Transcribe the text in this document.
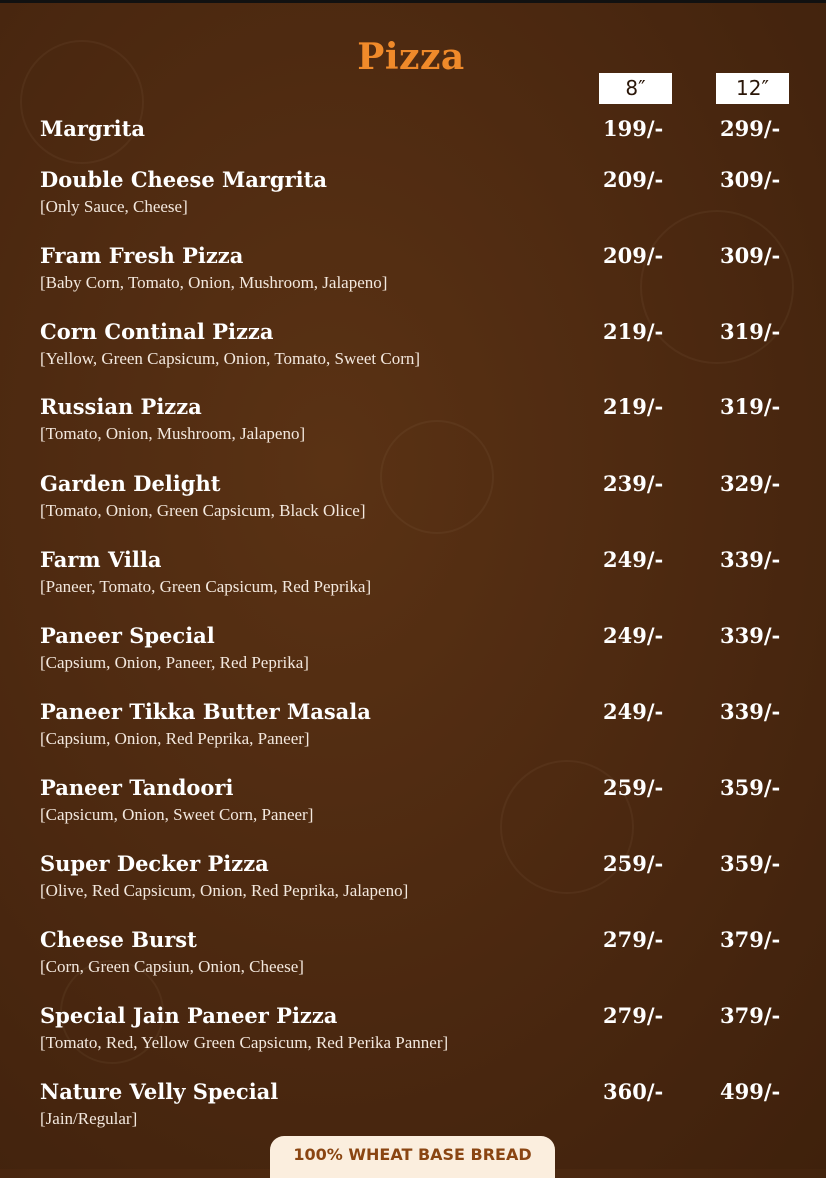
Pizza
8″	12″
Margrita	199/-	299/-
Double Cheese Margrita
[Only Sauce, Cheese]
209/-	309/-
Fram Fresh Pizza
[Baby Corn, Tomato, Onion, Mushroom, Jalapeno]
209/-	309/-
Corn Continal Pizza
[Yellow, Green Capsicum, Onion, Tomato, Sweet Corn]
219/-	319/-
Russian Pizza
[Tomato, Onion, Mushroom, Jalapeno]
219/-	319/-
Garden Delight
[Tomato, Onion, Green Capsicum, Black Olice]
239/-	329/-
Farm Villa
[Paneer, Tomato, Green Capsicum, Red Peprika]
249/-	339/-
Paneer Special
[Capsium, Onion, Paneer, Red Peprika]
249/-	339/-
Paneer Tikka Butter Masala
[Capsium, Onion, Red Peprika, Paneer]
249/-	339/-
Paneer Tandoori
[Capsicum, Onion, Sweet Corn, Paneer]
259/-	359/-
Super Decker Pizza
[Olive, Red Capsicum, Onion, Red Peprika, Jalapeno]
259/-	359/-
Cheese Burst
[Corn, Green Capsiun, Onion, Cheese]
279/-	379/-
Special Jain Paneer Pizza
[Tomato, Red, Yellow Green Capsicum, Red Perika Panner]
279/-	379/-
Nature Velly Special
[Jain/Regular]
360/-	499/-
100% WHEAT BASE BREAD
